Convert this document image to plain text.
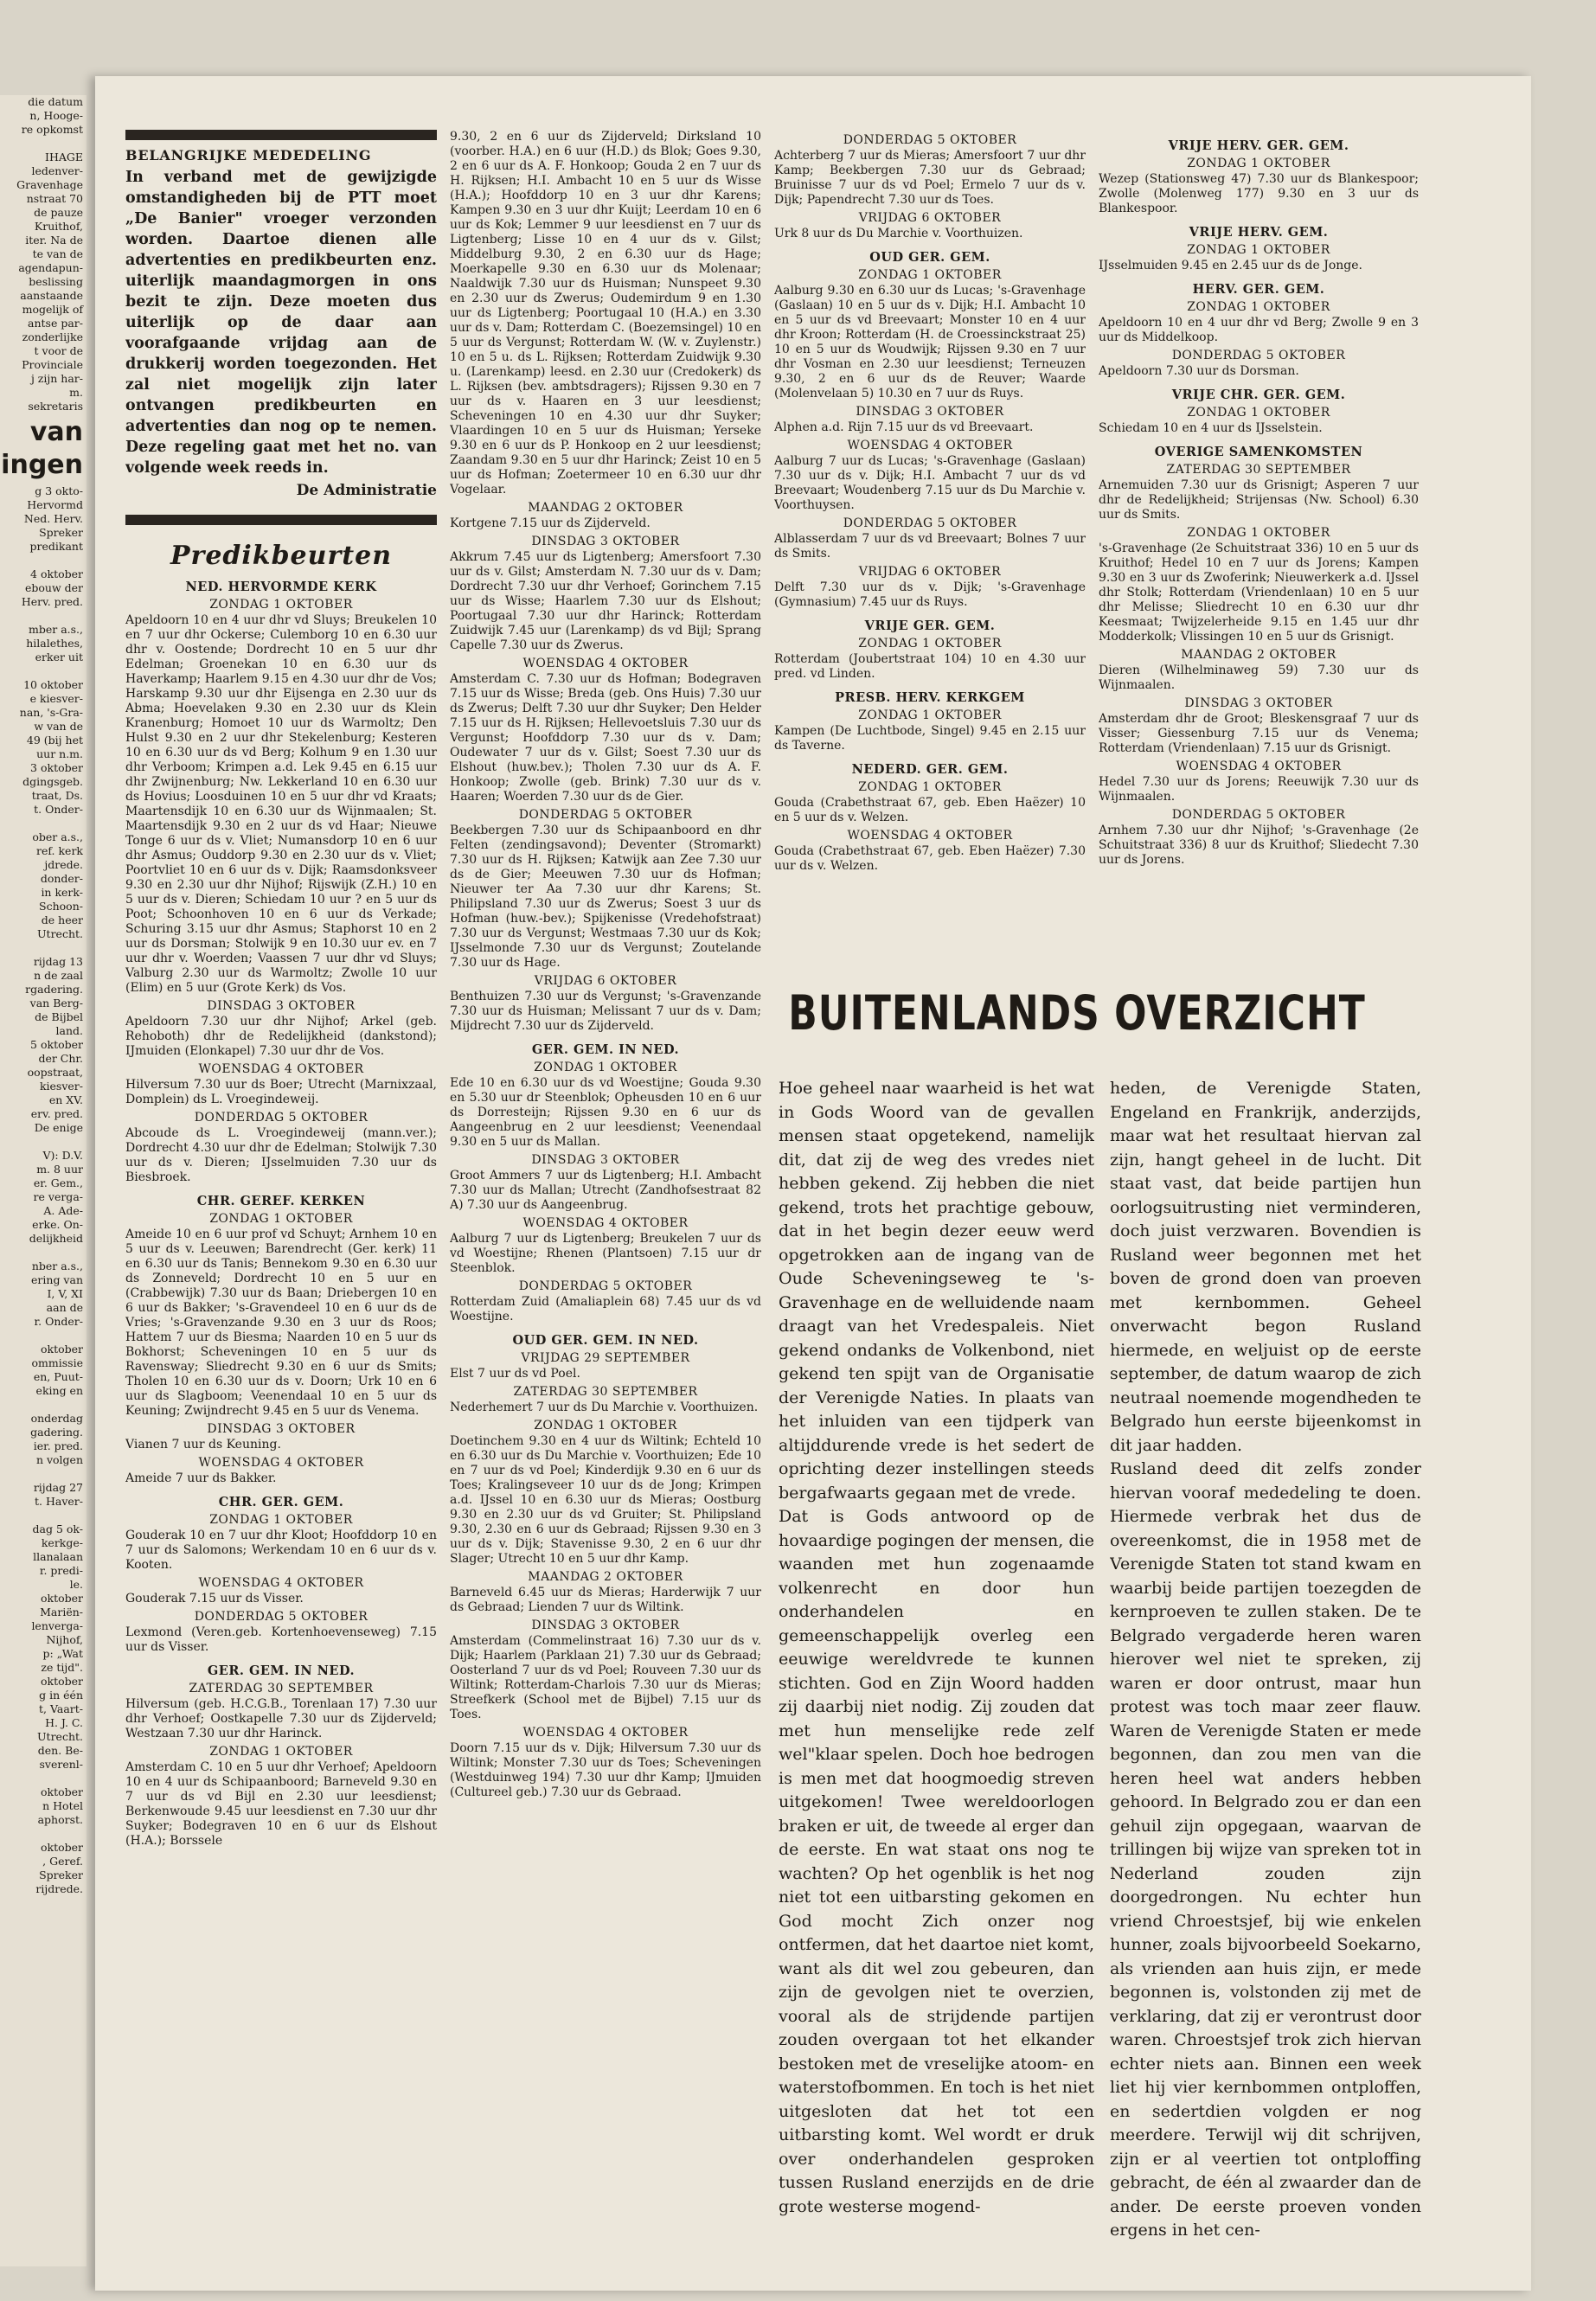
die datum

n, Hooge-

re opkomst

IHAGE

ledenver-

Gravenhage

nstraat 70

de pauze

Kruithof,

iter. Na de

te van de

agendapun-

beslissing

aanstaande

mogelijk of

antse par-

zonderlijke

t voor de

Provinciale

j zijn har-

m.

sekretaris

van
ingen

g 3 okto-

Hervormd

Ned. Herv.

Spreker

predikant

4 oktober

ebouw der

Herv. pred.

mber a.s.,

hilalethes,

erker uit

10 oktober

e kiesver-

nan, 's-Gra-

w van de

49 (bij het

uur n.m.

3 oktober

dgingsgeb.

traat, Ds.

t. Onder-

ober a.s.,

ref. kerk

jdrede.

donder-

in kerk-

Schoon-

de heer

Utrecht.

rijdag 13

n de zaal

rgadering.

van Berg-

de Bijbel

land.

5 oktober

der Chr.

oopstraat,

kiesver-

en XV.

erv. pred.

De enige

V): D.V.

m. 8 uur

er. Gem.,

re verga-

A. Ade-

erke. On-

delijkheid

nber a.s.,

ering van

I, V, XI

aan de

r. Onder-

oktober

ommissie

en, Puut-

eking en

onderdag

gadering.

ier. pred.

n volgen

rijdag 27

t. Haver-

dag 5 ok-

kerkge-

llanalaan

r. predi-

le.

oktober

Mariën-

lenverga-

Nijhof,

p: „Wat

ze tijd".

oktober

g in één

t, Vaart-

H. J. C.

Utrecht.

den. Be-

sverenl-

oktober

n Hotel

aphorst.

oktober

, Geref.

Spreker

rijdrede.

BELANGRIJKE MEDEDELING

In verband met de gewijzigde omstandigheden bij de PTT moet „De Banier" vroeger verzonden worden. Daartoe dienen alle advertenties en predikbeurten enz. uiterlijk maandagmorgen in ons bezit te zijn. Deze moeten dus uiterlijk op de daar aan voorafgaande vrijdag aan de drukkerij worden toegezonden. Het zal niet mogelijk zijn later ontvangen predikbeurten en advertenties dan nog op te nemen. Deze regeling gaat met het no. van volgende week reeds in.

De Administratie
Predikbeurten
NED. HERVORMDE KERK
ZONDAG 1 OKTOBER

Apeldoorn 10 en 4 uur dhr vd Sluys; Breukelen 10 en 7 uur dhr Ockerse; Culemborg 10 en 6.30 uur dhr v. Oostende; Dordrecht 10 en 5 uur dhr Edelman; Groenekan 10 en 6.30 uur ds Haverkamp; Haarlem 9.15 en 4.30 uur dhr de Vos; Harskamp 9.30 uur dhr Eijsenga en 2.30 uur ds Abma; Hoevelaken 9.30 en 2.30 uur ds Klein Kranenburg; Homoet 10 uur ds Warmoltz; Den Hulst 9.30 en 2 uur dhr Stekelenburg; Kesteren 10 en 6.30 uur ds vd Berg; Kolhum 9 en 1.30 uur dhr Verboom; Krimpen a.d. Lek 9.45 en 6.15 uur dhr Zwijnenburg; Nw. Lekkerland 10 en 6.30 uur ds Hovius; Loosduinen 10 en 5 uur dhr vd Kraats; Maartensdijk 10 en 6.30 uur ds Wijnmaalen; St. Maartensdijk 9.30 en 2 uur ds vd Haar; Nieuwe Tonge 6 uur ds v. Vliet; Numansdorp 10 en 6 uur dhr Asmus; Ouddorp 9.30 en 2.30 uur ds v. Vliet; Poortvliet 10 en 6 uur ds v. Dijk; Raamsdonksveer 9.30 en 2.30 uur dhr Nijhof; Rijswijk (Z.H.) 10 en 5 uur ds v. Dieren; Schiedam 10 uur ? en 5 uur ds Poot; Schoonhoven 10 en 6 uur ds Verkade; Schuring 3.15 uur dhr Asmus; Staphorst 10 en 2 uur ds Dorsman; Stolwijk 9 en 10.30 uur ev. en 7 uur dhr v. Woerden; Vaassen 7 uur dhr vd Sluys; Valburg 2.30 uur ds Warmoltz; Zwolle 10 uur (Elim) en 5 uur (Grote Kerk) ds Vos.

DINSDAG 3 OKTOBER

Apeldoorn 7.30 uur dhr Nijhof; Arkel (geb. Rehoboth) dhr de Redelijkheid (dankstond); IJmuiden (Elonkapel) 7.30 uur dhr de Vos.

WOENSDAG 4 OKTOBER

Hilversum 7.30 uur ds Boer; Utrecht (Marnixzaal, Domplein) ds L. Vroegindeweij.

DONDERDAG 5 OKTOBER

Abcoude ds L. Vroegindeweij (mann.ver.); Dordrecht 4.30 uur dhr de Edelman; Stolwijk 7.30 uur ds v. Dieren; IJsselmuiden 7.30 uur ds Biesbroek.

CHR. GEREF. KERKEN
ZONDAG 1 OKTOBER

Ameide 10 en 6 uur prof vd Schuyt; Arnhem 10 en 5 uur ds v. Leeuwen; Barendrecht (Ger. kerk) 11 en 6.30 uur ds Tanis; Bennekom 9.30 en 6.30 uur ds Zonneveld; Dordrecht 10 en 5 uur en (Crabbewijk) 7.30 uur ds Baan; Driebergen 10 en 6 uur ds Bakker; 's-Gravendeel 10 en 6 uur ds de Vries; 's-Gravenzande 9.30 en 3 uur ds Roos; Hattem 7 uur ds Biesma; Naarden 10 en 5 uur ds Bokhorst; Scheveningen 10 en 5 uur ds Ravensway; Sliedrecht 9.30 en 6 uur ds Smits; Tholen 10 en 6.30 uur ds v. Doorn; Urk 10 en 6 uur ds Slagboom; Veenendaal 10 en 5 uur ds Keuning; Zwijndrecht 9.45 en 5 uur ds Venema.

DINSDAG 3 OKTOBER

Vianen 7 uur ds Keuning.

WOENSDAG 4 OKTOBER

Ameide 7 uur ds Bakker.

CHR. GER. GEM.
ZONDAG 1 OKTOBER

Gouderak 10 en 7 uur dhr Kloot; Hoofddorp 10 en 7 uur ds Salomons; Werkendam 10 en 6 uur ds v. Kooten.

WOENSDAG 4 OKTOBER

Gouderak 7.15 uur ds Visser.

DONDERDAG 5 OKTOBER

Lexmond (Veren.geb. Kortenhoevenseweg) 7.15 uur ds Visser.

GER. GEM. IN NED.
ZATERDAG 30 SEPTEMBER

Hilversum (geb. H.C.G.B., Torenlaan 17) 7.30 uur dhr Verhoef; Oostkapelle 7.30 uur ds Zijderveld; Westzaan 7.30 uur dhr Harinck.

ZONDAG 1 OKTOBER

Amsterdam C. 10 en 5 uur dhr Verhoef; Apeldoorn 10 en 4 uur ds Schipaanboord; Barneveld 9.30 en 7 uur ds vd Bijl en 2.30 uur leesdienst; Berkenwoude 9.45 uur leesdienst en 7.30 uur dhr Suyker; Bodegraven 10 en 6 uur ds Elshout (H.A.); Borssele

9.30, 2 en 6 uur ds Zijderveld; Dirksland 10 (voorber. H.A.) en 6 uur (H.D.) ds Blok; Goes 9.30, 2 en 6 uur ds A. F. Honkoop; Gouda 2 en 7 uur ds H. Rijksen; H.I. Ambacht 10 en 5 uur ds Wisse (H.A.); Hoofddorp 10 en 3 uur dhr Karens; Kampen 9.30 en 3 uur dhr Kuijt; Leerdam 10 en 6 uur ds Kok; Lemmer 9 uur leesdienst en 7 uur ds Ligtenberg; Lisse 10 en 4 uur ds v. Gilst; Middelburg 9.30, 2 en 6.30 uur ds Hage; Moerkapelle 9.30 en 6.30 uur ds Molenaar; Naaldwijk 7.30 uur ds Huisman; Nunspeet 9.30 en 2.30 uur ds Zwerus; Oudemirdum 9 en 1.30 uur ds Ligtenberg; Poortugaal 10 (H.A.) en 3.30 uur ds v. Dam; Rotterdam C. (Boezemsingel) 10 en 5 uur ds Vergunst; Rotterdam W. (W. v. Zuylenstr.) 10 en 5 u. ds L. Rijksen; Rotterdam Zuidwijk 9.30 u. (Larenkamp) leesd. en 2.30 uur (Credokerk) ds L. Rijksen (bev. ambtsdragers); Rijssen 9.30 en 7 uur ds v. Haaren en 3 uur leesdienst; Scheveningen 10 en 4.30 uur dhr Suyker; Vlaardingen 10 en 5 uur ds Huisman; Yerseke 9.30 en 6 uur ds P. Honkoop en 2 uur leesdienst; Zaandam 9.30 en 5 uur dhr Harinck; Zeist 10 en 5 uur ds Hofman; Zoetermeer 10 en 6.30 uur dhr Vogelaar.

MAANDAG 2 OKTOBER

Kortgene 7.15 uur ds Zijderveld.

DINSDAG 3 OKTOBER

Akkrum 7.45 uur ds Ligtenberg; Amersfoort 7.30 uur ds v. Gilst; Amsterdam N. 7.30 uur ds v. Dam; Dordrecht 7.30 uur dhr Verhoef; Gorinchem 7.15 uur ds Wisse; Haarlem 7.30 uur ds Elshout; Poortugaal 7.30 uur dhr Harinck; Rotterdam Zuidwijk 7.45 uur (Larenkamp) ds vd Bijl; Sprang Capelle 7.30 uur ds Zwerus.

WOENSDAG 4 OKTOBER

Amsterdam C. 7.30 uur ds Hofman; Bodegraven 7.15 uur ds Wisse; Breda (geb. Ons Huis) 7.30 uur ds Zwerus; Delft 7.30 uur dhr Suyker; Den Helder 7.15 uur ds H. Rijksen; Hellevoetsluis 7.30 uur ds Vergunst; Hoofddorp 7.30 uur ds v. Dam; Oudewater 7 uur ds v. Gilst; Soest 7.30 uur ds Elshout (huw.bev.); Tholen 7.30 uur ds A. F. Honkoop; Zwolle (geb. Brink) 7.30 uur ds v. Haaren; Woerden 7.30 uur ds de Gier.

DONDERDAG 5 OKTOBER

Beekbergen 7.30 uur ds Schipaanboord en dhr Felten (zendingsavond); Deventer (Stromarkt) 7.30 uur ds H. Rijksen; Katwijk aan Zee 7.30 uur ds de Gier; Meeuwen 7.30 uur ds Hofman; Nieuwer ter Aa 7.30 uur dhr Karens; St. Philipsland 7.30 uur ds Zwerus; Soest 3 uur ds Hofman (huw.-bev.); Spijkenisse (Vredehofstraat) 7.30 uur ds Vergunst; Westmaas 7.30 uur ds Kok; IJsselmonde 7.30 uur ds Vergunst; Zoutelande 7.30 uur ds Hage.

VRIJDAG 6 OKTOBER

Benthuizen 7.30 uur ds Vergunst; 's-Gravenzande 7.30 uur ds Huisman; Melissant 7 uur ds v. Dam; Mijdrecht 7.30 uur ds Zijderveld.

GER. GEM. IN NED.
ZONDAG 1 OKTOBER

Ede 10 en 6.30 uur ds vd Woestijne; Gouda 9.30 en 5.30 uur dr Steenblok; Opheusden 10 en 6 uur ds Dorresteijn; Rijssen 9.30 en 6 uur ds Aangeenbrug en 2 uur leesdienst; Veenendaal 9.30 en 5 uur ds Mallan.

DINSDAG 3 OKTOBER

Groot Ammers 7 uur ds Ligtenberg; H.I. Ambacht 7.30 uur ds Mallan; Utrecht (Zandhofsestraat 82 A) 7.30 uur ds Aangeenbrug.

WOENSDAG 4 OKTOBER

Aalburg 7 uur ds Ligtenberg; Breukelen 7 uur ds vd Woestijne; Rhenen (Plantsoen) 7.15 uur dr Steenblok.

DONDERDAG 5 OKTOBER

Rotterdam Zuid (Amaliaplein 68) 7.45 uur ds vd Woestijne.

OUD GER. GEM. IN NED.
VRIJDAG 29 SEPTEMBER

Elst 7 uur ds vd Poel.

ZATERDAG 30 SEPTEMBER

Nederhemert 7 uur ds Du Marchie v. Voorthuizen.

ZONDAG 1 OKTOBER

Doetinchem 9.30 en 4 uur ds Wiltink; Echteld 10 en 6.30 uur ds Du Marchie v. Voorthuizen; Ede 10 en 7 uur ds vd Poel; Kinderdijk 9.30 en 6 uur ds Toes; Kralingseveer 10 uur ds de Jong; Krimpen a.d. IJssel 10 en 6.30 uur ds Mieras; Oostburg 9.30 en 2.30 uur ds vd Gruiter; St. Philipsland 9.30, 2.30 en 6 uur ds Gebraad; Rijssen 9.30 en 3 uur ds v. Dijk; Stavenisse 9.30, 2 en 6 uur dhr Slager; Utrecht 10 en 5 uur dhr Kamp.

MAANDAG 2 OKTOBER

Barneveld 6.45 uur ds Mieras; Harderwijk 7 uur ds Gebraad; Lienden 7 uur ds Wiltink.

DINSDAG 3 OKTOBER

Amsterdam (Commelinstraat 16) 7.30 uur ds v. Dijk; Haarlem (Parklaan 21) 7.30 uur ds Gebraad; Oosterland 7 uur ds vd Poel; Rouveen 7.30 uur ds Wiltink; Rotterdam-Charlois 7.30 uur ds Mieras; Streefkerk (School met de Bijbel) 7.15 uur ds Toes.

WOENSDAG 4 OKTOBER

Doorn 7.15 uur ds v. Dijk; Hilversum 7.30 uur ds Wiltink; Monster 7.30 uur ds Toes; Scheveningen (Westduinweg 194) 7.30 uur dhr Kamp; IJmuiden (Cultureel geb.) 7.30 uur ds Gebraad.

DONDERDAG 5 OKTOBER

Achterberg 7 uur ds Mieras; Amersfoort 7 uur dhr Kamp; Beekbergen 7.30 uur ds Gebraad; Bruinisse 7 uur ds vd Poel; Ermelo 7 uur ds v. Dijk; Papendrecht 7.30 uur ds Toes.

VRIJDAG 6 OKTOBER

Urk 8 uur ds Du Marchie v. Voorthuizen.

OUD GER. GEM.
ZONDAG 1 OKTOBER

Aalburg 9.30 en 6.30 uur ds Lucas; 's-Gravenhage (Gaslaan) 10 en 5 uur ds v. Dijk; H.I. Ambacht 10 en 5 uur ds vd Breevaart; Monster 10 en 4 uur dhr Kroon; Rotterdam (H. de Croessinckstraat 25) 10 en 5 uur ds Woudwijk; Rijssen 9.30 en 7 uur dhr Vosman en 2.30 uur leesdienst; Terneuzen 9.30, 2 en 6 uur ds de Reuver; Waarde (Molenvelaan 5) 10.30 en 7 uur ds Ruys.

DINSDAG 3 OKTOBER

Alphen a.d. Rijn 7.15 uur ds vd Breevaart.

WOENSDAG 4 OKTOBER

Aalburg 7 uur ds Lucas; 's-Gravenhage (Gaslaan) 7.30 uur ds v. Dijk; H.I. Ambacht 7 uur ds vd Breevaart; Woudenberg 7.15 uur ds Du Marchie v. Voorthuysen.

DONDERDAG 5 OKTOBER

Alblasserdam 7 uur ds vd Breevaart; Bolnes 7 uur ds Smits.

VRIJDAG 6 OKTOBER

Delft 7.30 uur ds v. Dijk; 's-Gravenhage (Gymnasium) 7.45 uur ds Ruys.

VRIJE GER. GEM.
ZONDAG 1 OKTOBER

Rotterdam (Joubertstraat 104) 10 en 4.30 uur pred. vd Linden.

PRESB. HERV. KERKGEM
ZONDAG 1 OKTOBER

Kampen (De Luchtbode, Singel) 9.45 en 2.15 uur ds Taverne.

NEDERD. GER. GEM.
ZONDAG 1 OKTOBER

Gouda (Crabethstraat 67, geb. Eben Haëzer) 10 en 5 uur ds v. Welzen.

WOENSDAG 4 OKTOBER

Gouda (Crabethstraat 67, geb. Eben Haëzer) 7.30 uur ds v. Welzen.

VRIJE HERV. GER. GEM.
ZONDAG 1 OKTOBER

Wezep (Stationsweg 47) 7.30 uur ds Blankespoor; Zwolle (Molenweg 177) 9.30 en 3 uur ds Blankespoor.

VRIJE HERV. GEM.
ZONDAG 1 OKTOBER

IJsselmuiden 9.45 en 2.45 uur ds de Jonge.

HERV. GER. GEM.
ZONDAG 1 OKTOBER

Apeldoorn 10 en 4 uur dhr vd Berg; Zwolle 9 en 3 uur ds Middelkoop.

DONDERDAG 5 OKTOBER

Apeldoorn 7.30 uur ds Dorsman.

VRIJE CHR. GER. GEM.
ZONDAG 1 OKTOBER

Schiedam 10 en 4 uur ds IJsselstein.

OVERIGE SAMENKOMSTEN
ZATERDAG 30 SEPTEMBER

Arnemuiden 7.30 uur ds Grisnigt; Asperen 7 uur dhr de Redelijkheid; Strijensas (Nw. School) 6.30 uur ds Smits.

ZONDAG 1 OKTOBER

's-Gravenhage (2e Schuitstraat 336) 10 en 5 uur ds Kruithof; Hedel 10 en 7 uur ds Jorens; Kampen 9.30 en 3 uur ds Zwoferink; Nieuwerkerk a.d. IJssel dhr Stolk; Rotterdam (Vriendenlaan) 10 en 5 uur dhr Melisse; Sliedrecht 10 en 6.30 uur dhr Keesmaat; Twijzelerheide 9.15 en 1.45 uur dhr Modderkolk; Vlissingen 10 en 5 uur ds Grisnigt.

MAANDAG 2 OKTOBER

Dieren (Wilhelminaweg 59) 7.30 uur ds Wijnmaalen.

DINSDAG 3 OKTOBER

Amsterdam dhr de Groot; Bleskensgraaf 7 uur ds Visser; Giessenburg 7.15 uur ds Venema; Rotterdam (Vriendenlaan) 7.15 uur ds Grisnigt.

WOENSDAG 4 OKTOBER

Hedel 7.30 uur ds Jorens; Reeuwijk 7.30 uur ds Wijnmaalen.

DONDERDAG 5 OKTOBER

Arnhem 7.30 uur dhr Nijhof; 's-Gravenhage (2e Schuitstraat 336) 8 uur ds Kruithof; Sliedecht 7.30 uur ds Jorens.

BUITENLANDS OVERZICHT

Hoe geheel naar waarheid is het wat in Gods Woord van de gevallen mensen staat opgetekend, namelijk dit, dat zij de weg des vredes niet hebben gekend. Zij hebben die niet gekend, trots het prachtige gebouw, dat in het begin dezer eeuw werd opgetrokken aan de ingang van de Oude Scheveningseweg te 's-Gravenhage en de welluidende naam draagt van het Vredespaleis. Niet gekend ondanks de Volkenbond, niet gekend ten spijt van de Organisatie der Verenigde Naties. In plaats van het inluiden van een tijdperk van altijddurende vrede is het sedert de oprichting dezer instellingen steeds bergafwaarts gegaan met de vrede.

Dat is Gods antwoord op de hovaardige pogingen der mensen, die waanden met hun zogenaamde volkenrecht en door hun onderhandelen en gemeenschappelijk overleg een eeuwige wereldvrede te kunnen stichten. God en Zijn Woord hadden zij daarbij niet nodig. Zij zouden dat met hun menselijke rede zelf wel"klaar spelen. Doch hoe bedrogen is men met dat hoogmoedig streven uitgekomen! Twee wereldoorlogen braken er uit, de tweede al erger dan de eerste. En wat staat ons nog te wachten? Op het ogenblik is het nog niet tot een uitbarsting gekomen en God mocht Zich onzer nog ontfermen, dat het daartoe niet komt, want als dit wel zou gebeuren, dan zijn de gevolgen niet te overzien, vooral als de strijdende partijen zouden overgaan tot het elkander bestoken met de vreselijke atoom- en waterstofbommen. En toch is het niet uitgesloten dat het tot een uitbarsting komt. Wel wordt er druk over onderhandelen gesproken tussen Rusland enerzijds en de drie grote westerse mogend-

heden, de Verenigde Staten, Engeland en Frankrijk, anderzijds, maar wat het resultaat hiervan zal zijn, hangt geheel in de lucht. Dit staat vast, dat beide partijen hun oorlogsuitrusting niet verminderen, doch juist verzwaren. Bovendien is Rusland weer begonnen met het boven de grond doen van proeven met kernbommen. Geheel onverwacht begon Rusland hiermede, en weljuist op de eerste september, de datum waarop de zich neutraal noemende mogendheden te Belgrado hun eerste bijeenkomst in dit jaar hadden.

Rusland deed dit zelfs zonder hiervan vooraf mededeling te doen. Hiermede verbrak het dus de overeenkomst, die in 1958 met de Verenigde Staten tot stand kwam en waarbij beide partijen toezegden de kernproeven te zullen staken. De te Belgrado vergaderde heren waren hierover wel niet te spreken, zij waren er door ontrust, maar hun protest was toch maar zeer flauw. Waren de Verenigde Staten er mede begonnen, dan zou men van die heren heel wat anders hebben gehoord. In Belgrado zou er dan een gehuil zijn opgegaan, waarvan de trillingen bij wijze van spreken tot in Nederland zouden zijn doorgedrongen. Nu echter hun vriend Chroestsjef, bij wie enkelen hunner, zoals bijvoorbeeld Soekarno, als vrienden aan huis zijn, er mede begonnen is, volstonden zij met de verklaring, dat zij er verontrust door waren. Chroestsjef trok zich hiervan echter niets aan. Binnen een week liet hij vier kernbommen ontploffen, en sedertdien volgden er nog meerdere. Terwijl wij dit schrijven, zijn er al veertien tot ontploffing gebracht, de één al zwaarder dan de ander. De eerste proeven vonden ergens in het cen-
